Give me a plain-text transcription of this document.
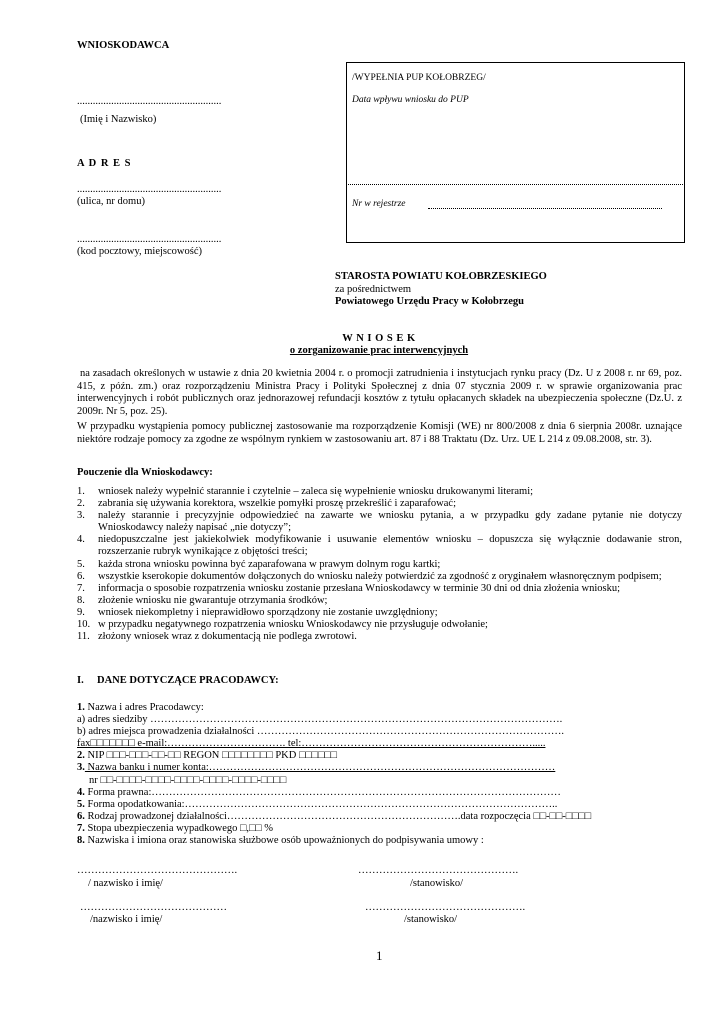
WNIOSKODAWCA
.......................................................
(Imię i Nazwisko)
A D R E S
.......................................................
(ulica, nr domu)
.......................................................
(kod pocztowy, miejscowość)
/WYPEŁNIA PUP KOŁOBRZEG/
Data wpływu wniosku do PUP
Nr w rejestrze
STAROSTA POWIATU KOŁOBRZESKIEGO
za pośrednictwem
Powiatowego Urzędu Pracy w Kołobrzegu
W N I O S E K
o zorganizowanie prac interwencyjnych
na zasadach określonych w ustawie z dnia 20 kwietnia 2004 r. o promocji zatrudnienia i instytucjach rynku pracy (Dz. U z 2008 r. nr 69, poz. 415, z późn. zm.) oraz rozporządzeniu Ministra Pracy i Polityki Społecznej z dnia 07 stycznia 2009 r. w sprawie organizowania prac interwencyjnych i robót publicznych oraz jednorazowej refundacji kosztów z tytułu opłacanych składek na ubezpieczenia społeczne (Dz.U. z 2009r. Nr 5, poz. 25).
W przypadku wystąpienia pomocy publicznej zastosowanie ma rozporządzenie Komisji (WE) nr 800/2008 z dnia 6 sierpnia 2008r. uznające niektóre rodzaje pomocy za zgodne ze wspólnym rynkiem w zastosowaniu art. 87 i 88 Traktatu (Dz. Urz. UE L 214 z 09.08.2008, str. 3).
Pouczenie dla Wnioskodawcy:
1. wniosek należy wypełnić starannie i czytelnie – zaleca się wypełnienie wniosku drukowanymi literami;
2. zabrania się używania korektora, wszelkie pomyłki proszę przekreślić i zaparafować;
3. należy starannie i precyzyjnie odpowiedzieć na zawarte we wniosku pytania, a w przypadku gdy zadane pytanie nie dotyczy Wnioskodawcy należy napisać „nie dotyczy”;
4. niedopuszczalne jest jakiekolwiek modyfikowanie i usuwanie elementów wniosku – dopuszcza się wyłącznie dodawanie stron, rozszerzanie rubryk wynikające z objętości treści;
5. każda strona wniosku powinna być zaparafowana w prawym dolnym rogu kartki;
6. wszystkie kserokopie dokumentów dołączonych do wniosku należy potwierdzić za zgodność z oryginałem własnoręcznym podpisem;
7. informacja o sposobie rozpatrzenia wniosku zostanie przesłana Wnioskodawcy w terminie 30 dni od dnia złożenia wniosku;
8. złożenie wniosku nie gwarantuje otrzymania środków;
9. wniosek niekompletny i nieprawidłowo sporządzony nie zostanie uwzględniony;
10. w przypadku negatywnego rozpatrzenia wniosku Wnioskodawcy nie przysługuje odwołanie;
11. złożony wniosek wraz z dokumentacją nie podlega zwrotowi.
I. DANE DOTYCZĄCE PRACODAWCY:
1. Nazwa i adres Pracodawcy:
a) adres siedziby ……………………………………………………………………………………………………….
b) adres miejsca prowadzenia działalności …………………………………………………………………………….
fax□□□□□□□ e-mail:……………………………. tel:………………………………………………………….....
2. NIP □□□-□□□-□□-□□ REGON □□□□□□□□ PKD □□□□□□
3. Nazwa banku i numer konta:………………………………………………………………………………………
nr □□-□□□□-□□□□-□□□□-□□□□-□□□□-□□□□
4. Forma prawna:………………………………………………………………………………………………………
5. Forma opodatkowania:……………………………………………………………………………………………..
6. Rodzaj prowadzonej działalności………………………………………………………….data rozpoczęcia □□-□□-□□□□
7. Stopa ubezpieczenia wypadkowego □,□□ %
8. Nazwiska i imiona oraz stanowiska służbowe osób upoważnionych do podpisywania umowy :
……………………………………….	……………………………………….
/ nazwisko i imię/	/stanowisko/
……………………………………	……………………………………….
/nazwisko i imię/	/stanowisko/
1
